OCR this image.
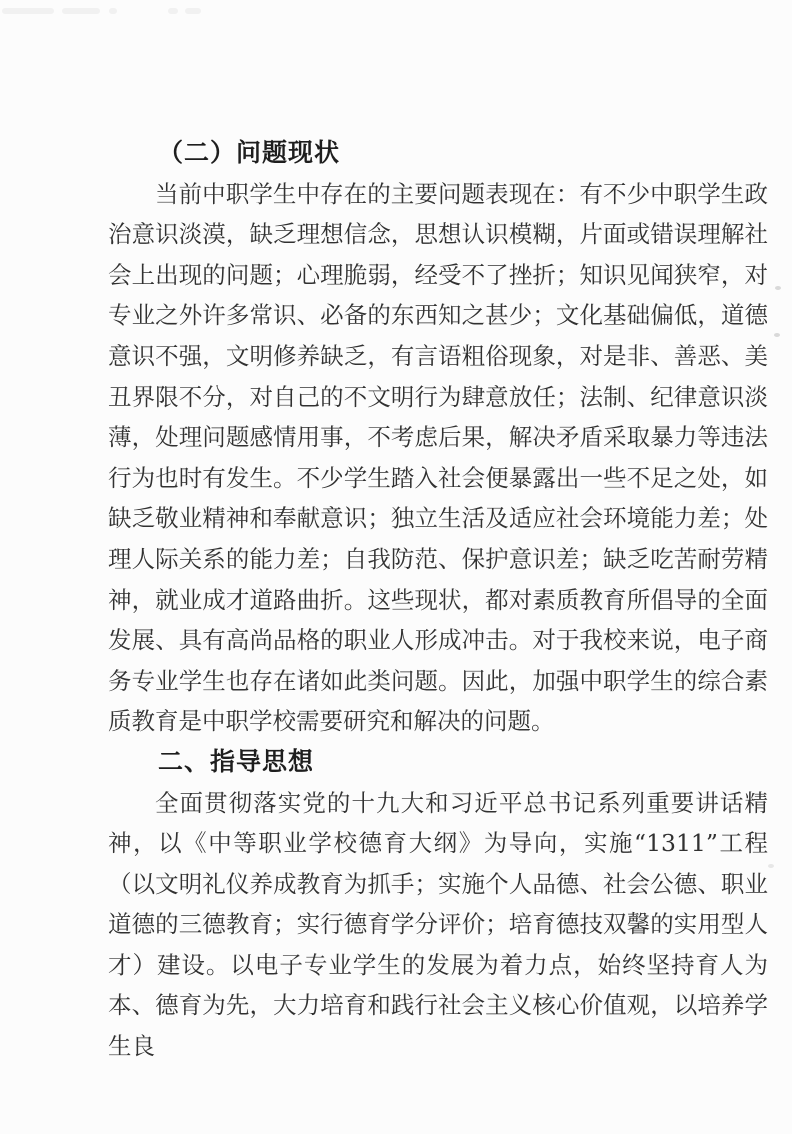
（二）问题现状

当前中职学生中存在的主要问题表现在：有不少中职学生政治意识淡漠，缺乏理想信念，思想认识模糊，片面或错误理解社会上出现的问题；心理脆弱，经受不了挫折；知识见闻狭窄，对专业之外许多常识、必备的东西知之甚少；文化基础偏低，道德意识不强，文明修养缺乏，有言语粗俗现象，对是非、善恶、美丑界限不分，对自己的不文明行为肆意放任；法制、纪律意识淡薄，处理问题感情用事，不考虑后果，解决矛盾采取暴力等违法行为也时有发生。不少学生踏入社会便暴露出一些不足之处，如缺乏敬业精神和奉献意识；独立生活及适应社会环境能力差；处理人际关系的能力差；自我防范、保护意识差；缺乏吃苦耐劳精神，就业成才道路曲折。这些现状，都对素质教育所倡导的全面发展、具有高尚品格的职业人形成冲击。对于我校来说，电子商务专业学生也存在诸如此类问题。因此，加强中职学生的综合素质教育是中职学校需要研究和解决的问题。

二、指导思想

全面贯彻落实党的十九大和习近平总书记系列重要讲话精神，以《中等职业学校德育大纲》为导向，实施“1311”工程（以文明礼仪养成教育为抓手；实施个人品德、社会公德、职业道德的三德教育；实行德育学分评价；培育德技双馨的实用型人才）建设。以电子专业学生的发展为着力点，始终坚持育人为本、德育为先，大力培育和践行社会主义核心价值观，以培养学生良
